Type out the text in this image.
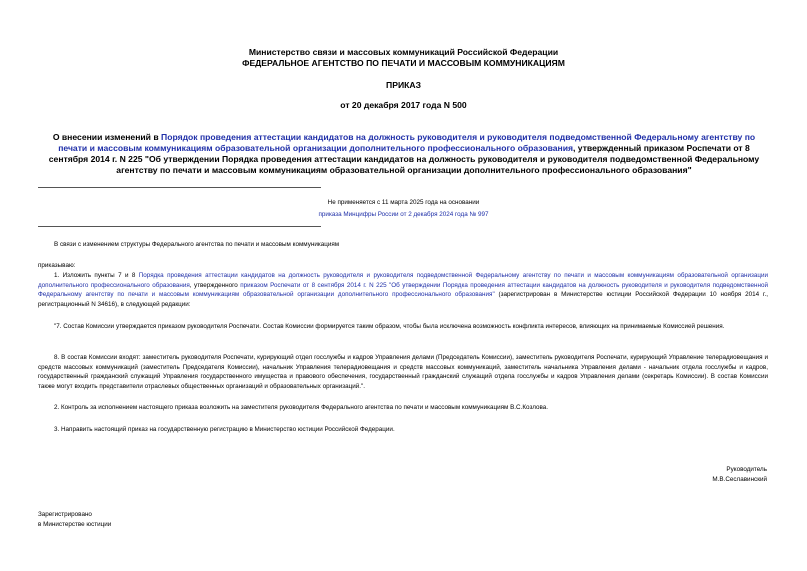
Министерство связи и массовых коммуникаций Российской Федерации
ФЕДЕРАЛЬНОЕ АГЕНТСТВО ПО ПЕЧАТИ И МАССОВЫМ КОММУНИКАЦИЯМ
ПРИКАЗ
от 20 декабря 2017 года N 500
О внесении изменений в Порядок проведения аттестации кандидатов на должность руководителя и руководителя подведомственной Федеральному агентству по печати и массовым коммуникациям образовательной организации дополнительного профессионального образования, утвержденный приказом Роспечати от 8 сентября 2014 г. N 225 "Об утверждении Порядка проведения аттестации кандидатов на должность руководителя и руководителя подведомственной Федеральному агентству по печати и массовым коммуникациям образовательной организации дополнительного профессионального образования"
Не применяется с 11 марта 2025 года на основании
приказа Минцифры России от 2 декабря 2024 года № 997
В связи с изменением структуры Федерального агентства по печати и массовым коммуникациям
приказываю:
1. Изложить пункты 7 и 8 Порядка проведения аттестации кандидатов на должность руководителя и руководителя подведомственной Федеральному агентству по печати и массовым коммуникациям образовательной организации дополнительного профессионального образования, утвержденного приказом Роспечати от 8 сентября 2014 г. N 225 "Об утверждении Порядка проведения аттестации кандидатов на должность руководителя и руководителя подведомственной Федеральному агентству по печати и массовым коммуникациям образовательной организации дополнительного профессионального образования" (зарегистрирован в Министерстве юстиции Российской Федерации 10 ноября 2014 г., регистрационный N 34616), в следующей редакции:
"7. Состав Комиссии утверждается приказом руководителя Роспечати. Состав Комиссии формируется таким образом, чтобы была исключена возможность конфликта интересов, влияющих на принимаемые Комиссией решения.
8. В состав Комиссии входят: заместитель руководителя Роспечати, курирующий отдел госслужбы и кадров Управления делами (Председатель Комиссии), заместитель руководителя Роспечати, курирующий Управление телерадиовещания и средств массовых коммуникаций (заместитель Председателя Комиссии), начальник Управления телерадиовещания и средств массовых коммуникаций, заместитель начальника Управления делами - начальник отдела госслужбы и кадров, государственный гражданский служащий Управления государственного имущества и правового обеспечения, государственный гражданский служащий отдела госслужбы и кадров Управления делами (секретарь Комиссии). В состав Комиссии также могут входить представители отраслевых общественных организаций и образовательных организаций.".
2. Контроль за исполнением настоящего приказа возложить на заместителя руководителя Федерального агентства по печати и массовым коммуникациям В.С.Козлова.
3. Направить настоящий приказ на государственную регистрацию в Министерство юстиции Российской Федерации.
Руководитель
М.В.Сеславинский
Зарегистрировано
в Министерстве юстиции
